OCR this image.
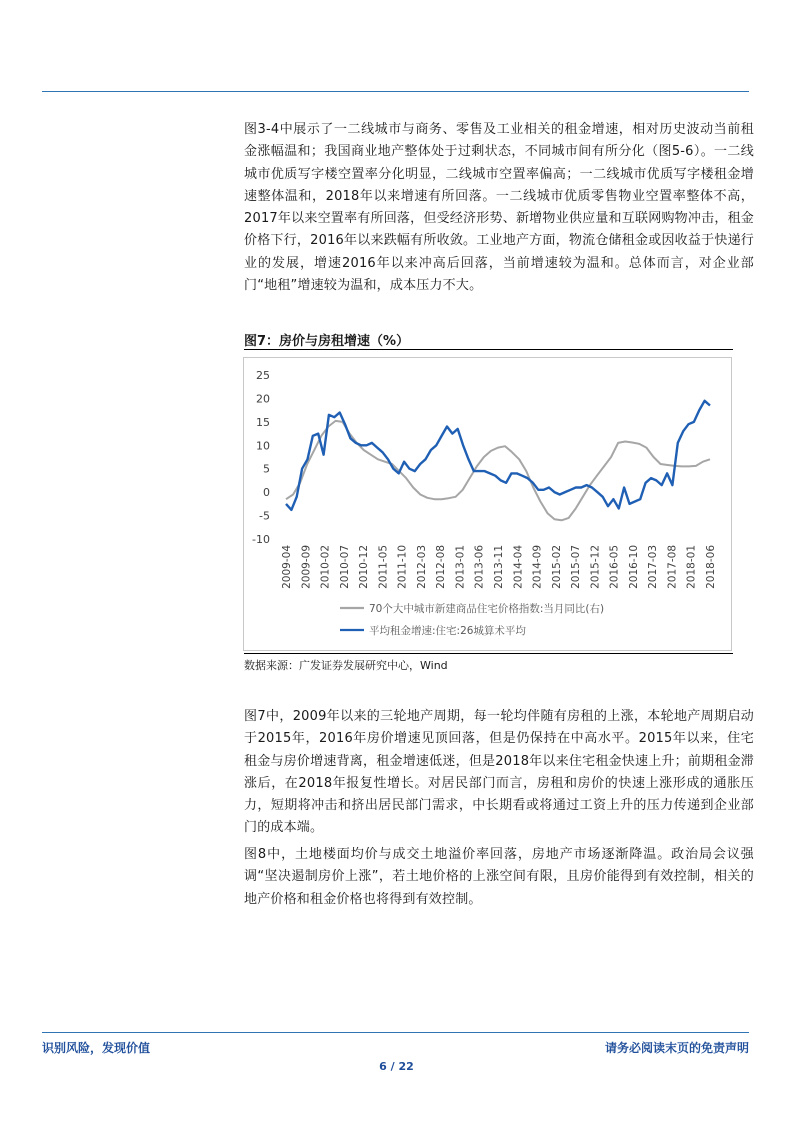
图3-4中展示了一二线城市与商务、零售及工业相关的租金增速，相对历史波动当前租金涨幅温和；我国商业地产整体处于过剩状态，不同城市间有所分化（图5-6）。一二线城市优质写字楼空置率分化明显，二线城市空置率偏高；一二线城市优质写字楼租金增速整体温和，2018年以来增速有所回落。一二线城市优质零售物业空置率整体不高，2017年以来空置率有所回落，但受经济形势、新增物业供应量和互联网购物冲击，租金价格下行，2016年以来跌幅有所收敛。工业地产方面，物流仓储租金或因收益于快递行业的发展，增速2016年以来冲高后回落，当前增速较为温和。总体而言，对企业部门“地租”增速较为温和，成本压力不大。

图7：房价与房租增速（%）
25
20
15
10
5
0
-5
-10
2009-04 2009-09 2010-02 2010-07 2010-12 2011-05 2011-10 2012-03 2012-08 2013-01 2013-06 2013-11 2014-04 2014-09 2015-02 2015-07 2015-12 2016-05 2016-10 2017-03 2017-08 2018-01 2018-06
70个大中城市新建商品住宅价格指数:当月同比(右)
平均租金增速:住宅:26城算术平均
数据来源：广发证券发展研究中心，Wind

图7中，2009年以来的三轮地产周期，每一轮均伴随有房租的上涨，本轮地产周期启动于2015年，2016年房价增速见顶回落，但是仍保持在中高水平。2015年以来，住宅租金与房价增速背离，租金增速低迷，但是2018年以来住宅租金快速上升；前期租金滞涨后，在2018年报复性增长。对居民部门而言，房租和房价的快速上涨形成的通胀压力，短期将冲击和挤出居民部门需求，中长期看或将通过工资上升的压力传递到企业部门的成本端。

图8中，土地楼面均价与成交土地溢价率回落，房地产市场逐渐降温。政治局会议强调“坚决遏制房价上涨”，若土地价格的上涨空间有限，且房价能得到有效控制，相关的地产价格和租金价格也将得到有效控制。

识别风险，发现价值	请务必阅读末页的免责声明
6 / 22
